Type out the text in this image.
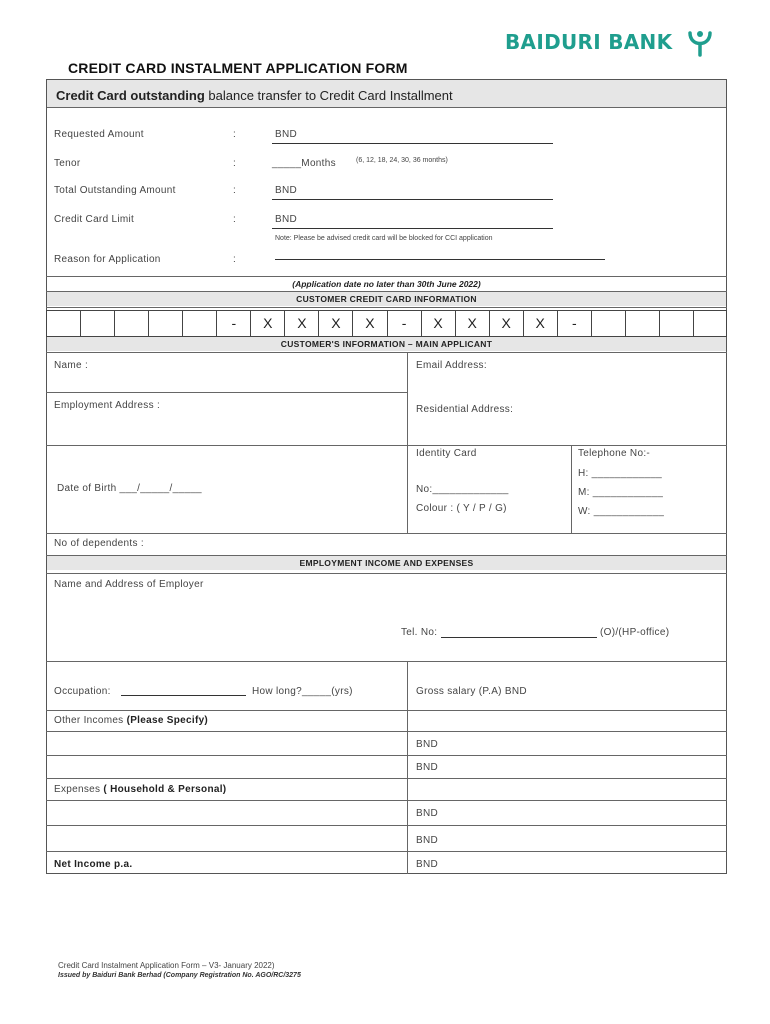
BAIDURI BANK
CREDIT CARD INSTALMENT APPLICATION FORM
Credit Card outstanding balance transfer to Credit Card Installment
Requested Amount	:	BND
Tenor	:	_____Months	(6, 12, 18, 24, 30, 36 months)
Total Outstanding Amount	:	BND
Credit Card Limit	:	BND
Note: Please be advised credit card will be blocked for CCI application
Reason for Application	:
(Application date no later than 30th June 2022)
CUSTOMER CREDIT CARD INFORMATION
-	X	X	X	X	-	X	X	X	X	-
CUSTOMER'S INFORMATION – MAIN APPLICANT
Name :	Email Address:
Employment Address :	Residential Address:
Date of Birth ___/_____/_____
Identity Card
No:_____________
Colour : ( Y / P / G)
Telephone No:-
H: ____________
M: ____________
W: ____________
No of dependents :
EMPLOYMENT INCOME AND EXPENSES
Name and Address of Employer
Tel. No:	(O)/(HP-office)
Occupation:	How long?_____(yrs)	Gross salary (P.A) BND
Other Incomes (Please Specify)
BND
BND
Expenses ( Household & Personal)
BND
BND
Net Income p.a.	BND
Credit Card Instalment Application Form – V3- January 2022)
Issued by Baiduri Bank Berhad (Company Registration No. AGO/RC/3275
